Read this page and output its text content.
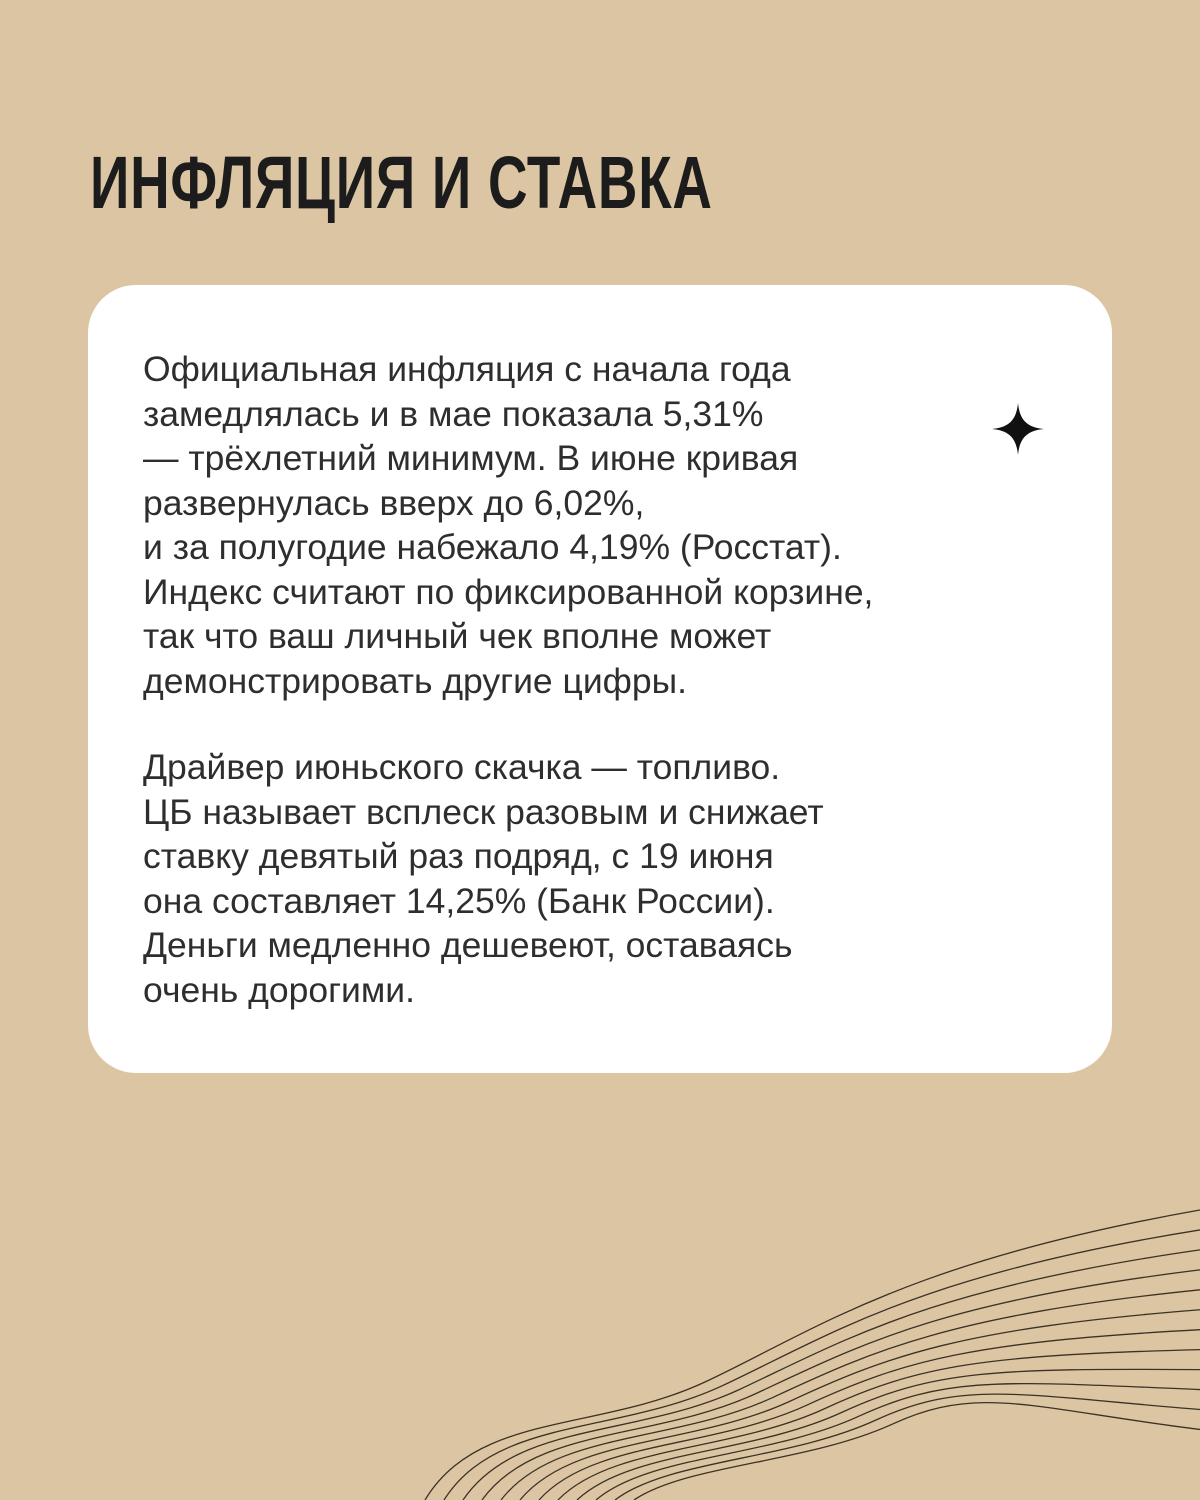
ИНФЛЯЦИЯ И СТАВКА

Официальная инфляция с начала года
замедлялась и в мае показала 5,31%
— трёхлетний минимум. В июне кривая
развернулась вверх до 6,02%,
и за полугодие набежало 4,19% (Росстат).
Индекс считают по фиксированной корзине,
так что ваш личный чек вполне может
демонстрировать другие цифры.

Драйвер июньского скачка — топливо.
ЦБ называет всплеск разовым и снижает
ставку девятый раз подряд, с 19 июня
она составляет 14,25% (Банк России).
Деньги медленно дешевеют, оставаясь
очень дорогими.
